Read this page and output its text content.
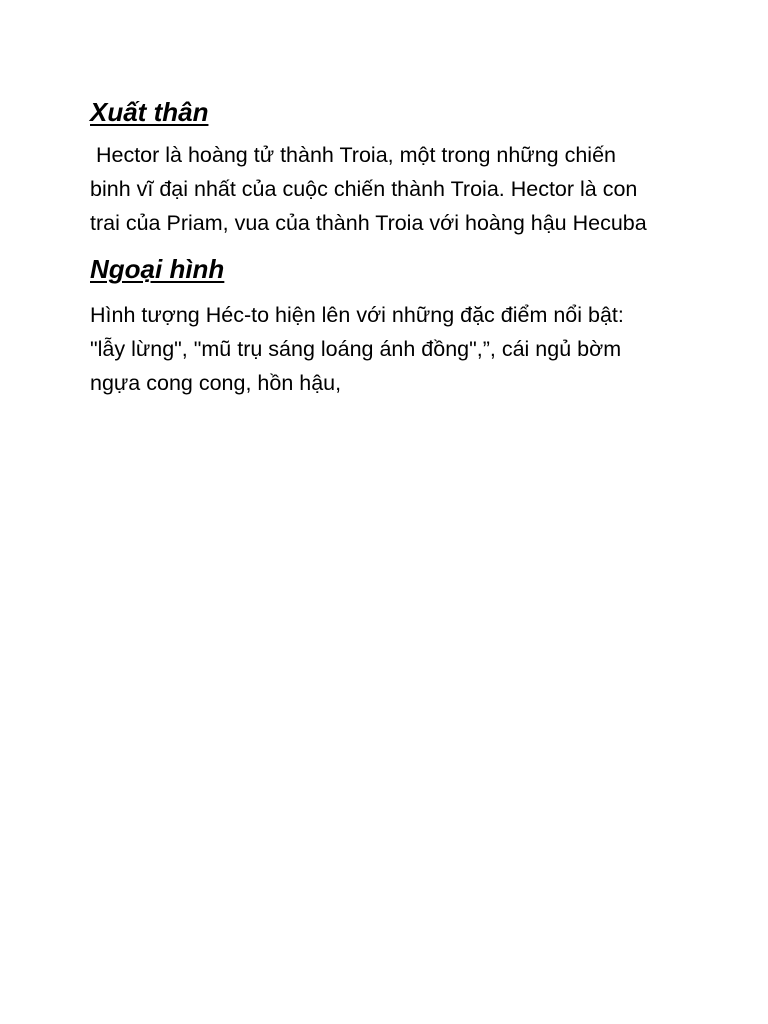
Xuất thân

Hector là hoàng tử thành Troia, một trong những chiến
binh vĩ đại nhất của cuộc chiến thành Troia. Hector là con
trai của Priam, vua của thành Troia với hoàng hậu Hecuba

Ngoại hình

Hình tượng Héc-to hiện lên với những đặc điểm nổi bật:
"lẫy lừng", "mũ trụ sáng loáng ánh đồng",”, cái ngủ bờm
ngựa cong cong, hồn hậu,
